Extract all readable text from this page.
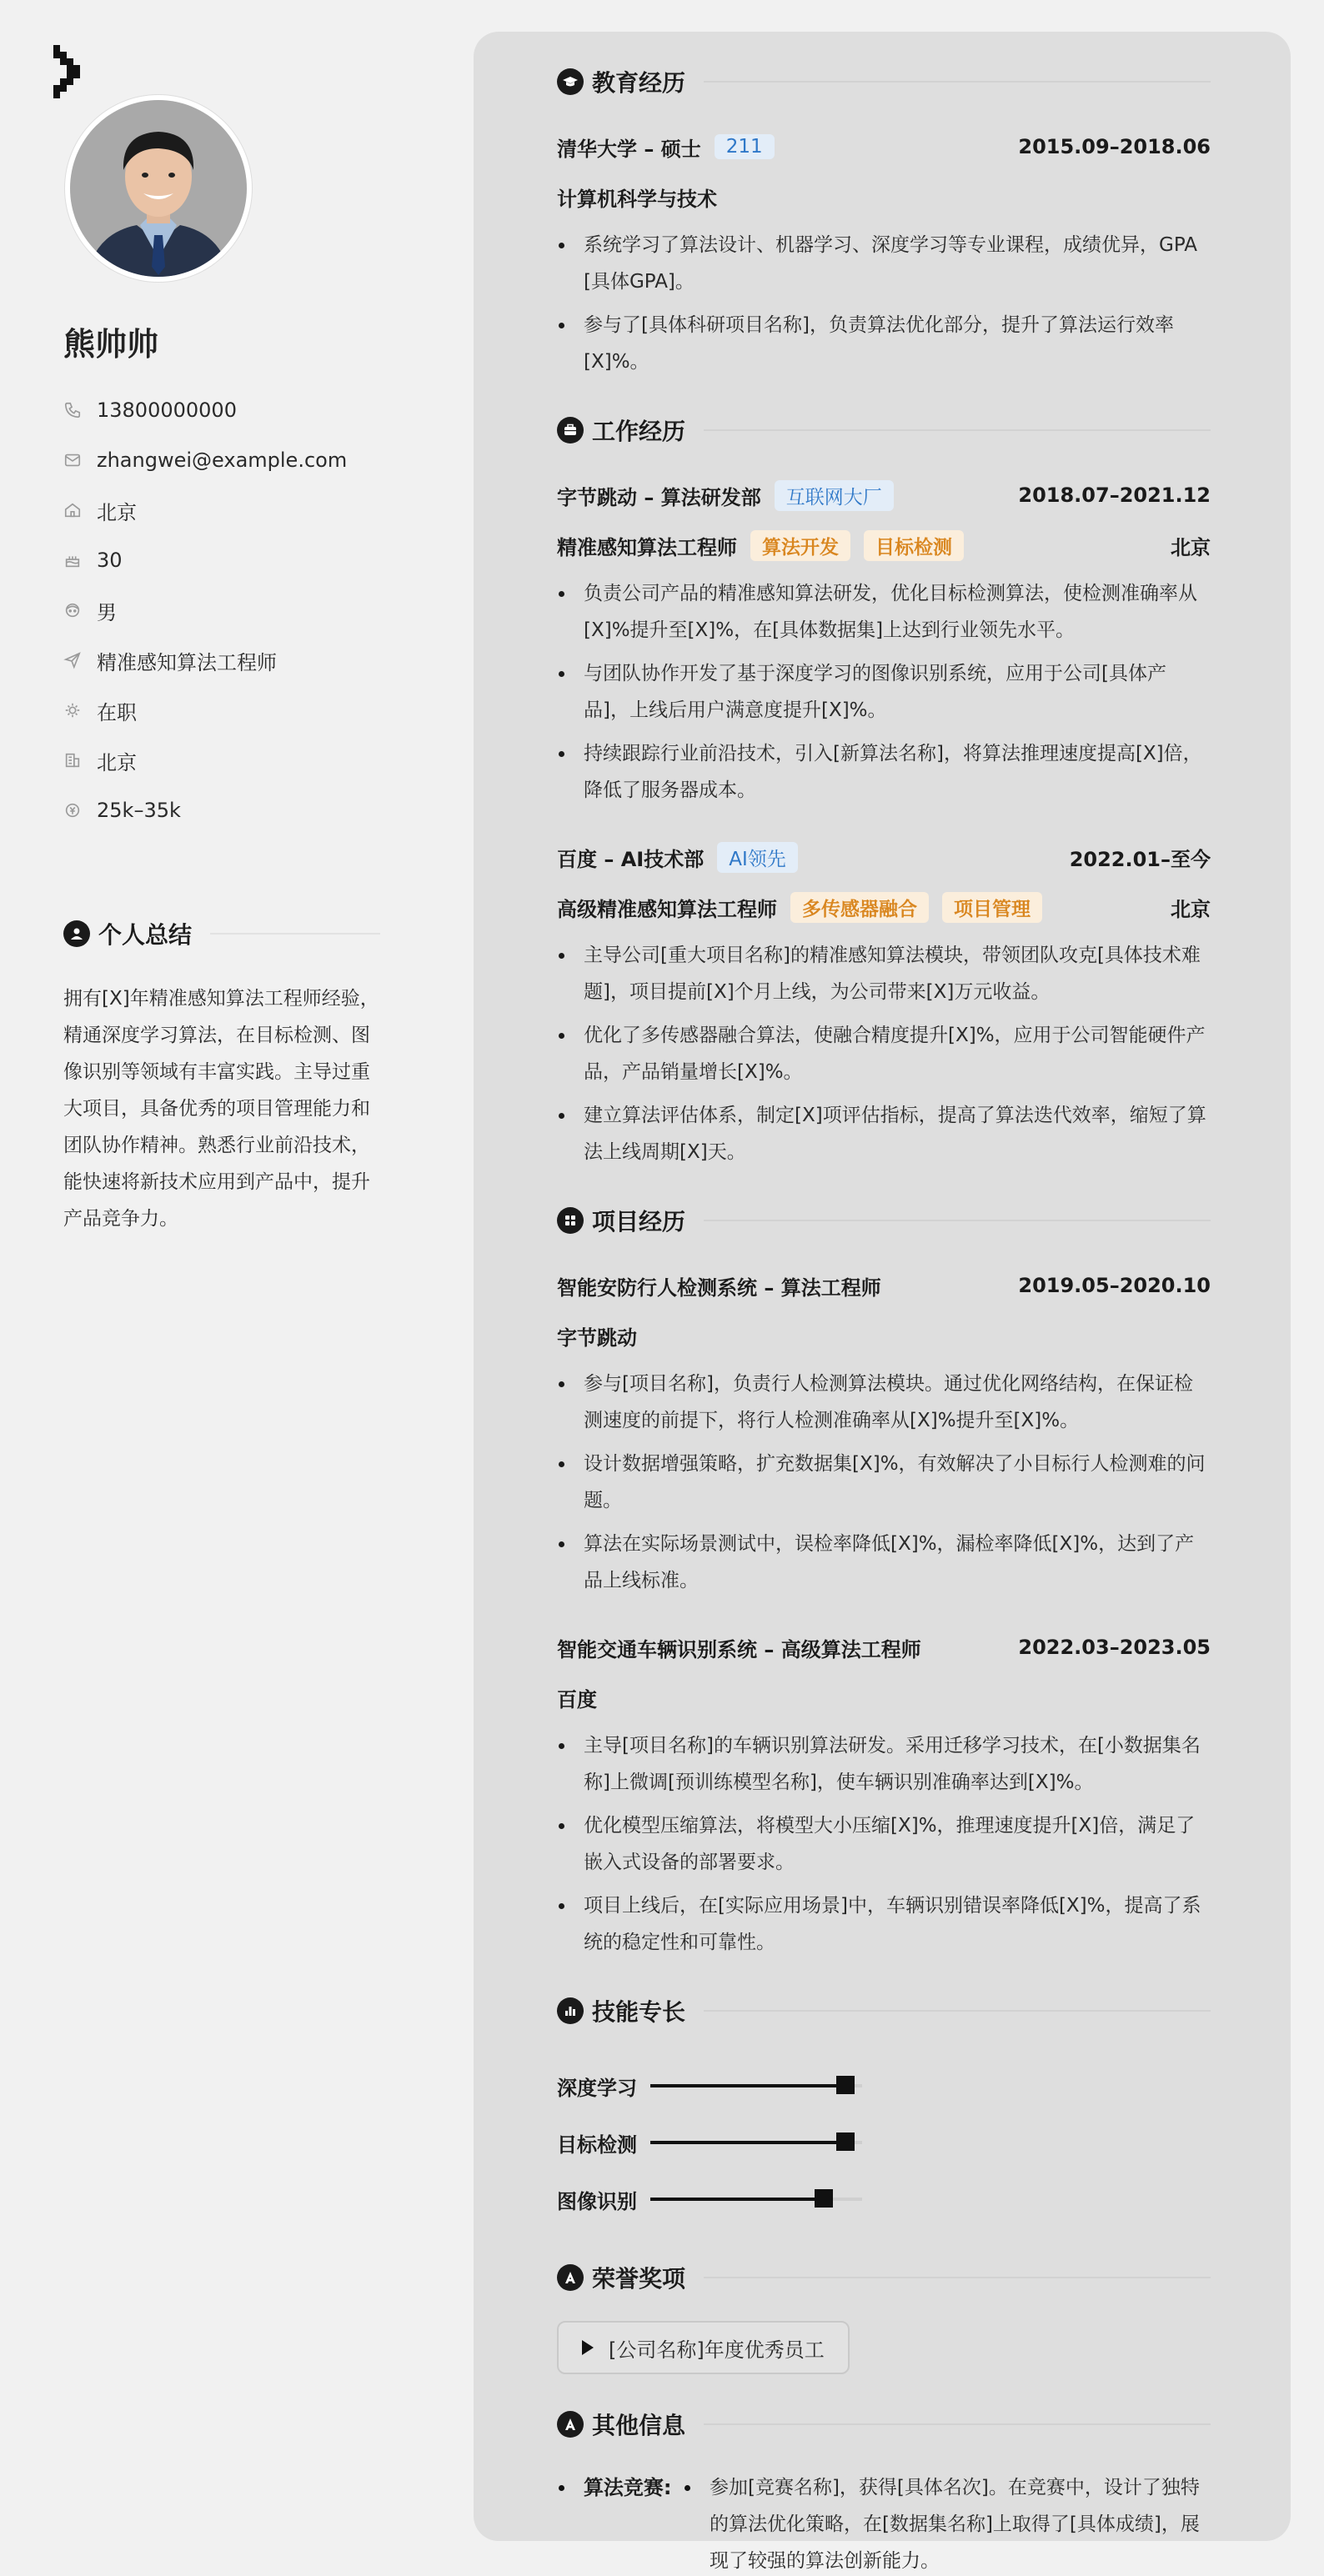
熊帅帅
13800000000
zhangwei@example.com
北京
30
男
精准感知算法工程师
在职
北京
25k–35k
个人总结

拥有[X]年精准感知算法工程师经验，精通深度学习算法，在目标检测、图像识别等领域有丰富实践。主导过重大项目，具备优秀的项目管理能力和团队协作精神。熟悉行业前沿技术，能快速将新技术应用到产品中，提升产品竞争力。

教育经历
清华大学 – 硕士	211	2015.09–2018.06
计算机科学与技术
系统学习了算法设计、机器学习、深度学习等专业课程，成绩优异，GPA [具体GPA]。
参与了[具体科研项目名称]，负责算法优化部分，提升了算法运行效率[X]%。
工作经历
字节跳动 – 算法研发部	互联网大厂	2018.07–2021.12
精准感知算法工程师	算法开发	目标检测	北京
负责公司产品的精准感知算法研发，优化目标检测算法，使检测准确率从[X]%提升至[X]%，在[具体数据集]上达到行业领先水平。
与团队协作开发了基于深度学习的图像识别系统，应用于公司[具体产品]，上线后用户满意度提升[X]%。
持续跟踪行业前沿技术，引入[新算法名称]，将算法推理速度提高[X]倍，降低了服务器成本。
百度 – AI技术部	AI领先	2022.01–至今
高级精准感知算法工程师	多传感器融合	项目管理	北京
主导公司[重大项目名称]的精准感知算法模块，带领团队攻克[具体技术难题]，项目提前[X]个月上线，为公司带来[X]万元收益。
优化了多传感器融合算法，使融合精度提升[X]%，应用于公司智能硬件产品，产品销量增长[X]%。
建立算法评估体系，制定[X]项评估指标，提高了算法迭代效率，缩短了算法上线周期[X]天。
项目经历
智能安防行人检测系统 – 算法工程师	2019.05–2020.10
字节跳动
参与[项目名称]，负责行人检测算法模块。通过优化网络结构，在保证检测速度的前提下，将行人检测准确率从[X]%提升至[X]%。
设计数据增强策略，扩充数据集[X]%，有效解决了小目标行人检测难的问题。
算法在实际场景测试中，误检率降低[X]%，漏检率降低[X]%，达到了产品上线标准。
智能交通车辆识别系统 – 高级算法工程师	2022.03–2023.05
百度
主导[项目名称]的车辆识别算法研发。采用迁移学习技术，在[小数据集名称]上微调[预训练模型名称]，使车辆识别准确率达到[X]%。
优化模型压缩算法，将模型大小压缩[X]%，推理速度提升[X]倍，满足了嵌入式设备的部署要求。
项目上线后，在[实际应用场景]中，车辆识别错误率降低[X]%，提高了系统的稳定性和可靠性。
技能专长
深度学习
目标检测
图像识别
荣誉奖项
[公司名称]年度优秀员工
其他信息
算法竞赛:	参加[竞赛名称]，获得[具体名次]。在竞赛中，设计了独特的算法优化策略，在[数据集名称]上取得了[具体成绩]，展现了较强的算法创新能力。
